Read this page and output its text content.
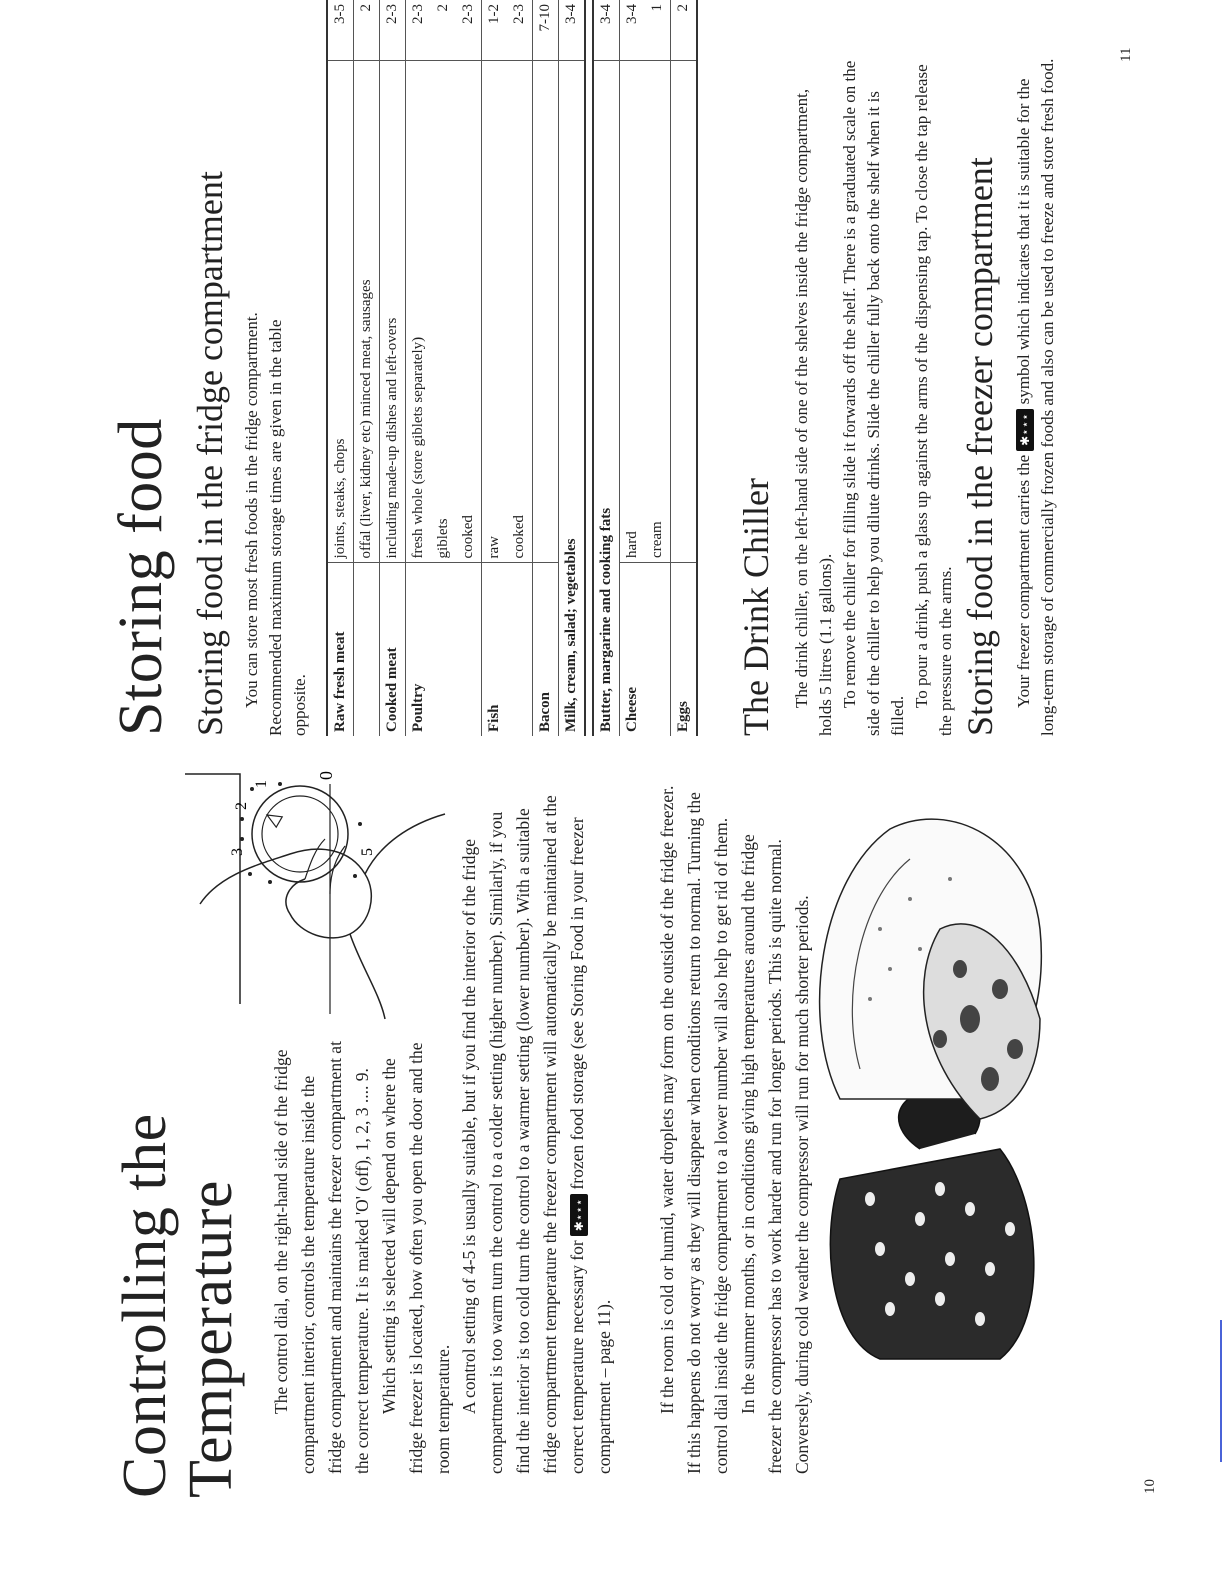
Controlling the
Temperature The control dial, on the right-hand side of the fridge compartment interior, controls the temperature inside the fridge compartment and maintains the freezer compartment at the correct temperature. It is marked 'O' (off), 1, 2, 3 .... 9. Which setting is selected will depend on where the fridge freezer is located, how often you open the door and the room temperature. A control setting of 4-5 is usually suitable, but if you find the interior of the fridge compartment is too warm turn the control to a colder setting (higher number). Similarly, if you find the interior is too cold turn the control to a warmer setting (lower number). With a suitable fridge compartment temperature the freezer compartment will automatically be maintained at the correct temperature necessary for ✱⋆⋆⋆ frozen food storage (see Storing Food in your freezer compartment – page 11). If the room is cold or humid, water droplets may form on the outside of the fridge freezer. If this happens do not worry as they will disappear when conditions return to normal. Turning the control dial inside the fridge compartment to a lower number will also help to get rid of them. In the summer months, or in conditions giving high temperatures around the fridge freezer the compressor has to work harder and run for longer periods. This is quite normal. Conversely, during cold weather the compressor will run for much shorter periods.

0
1
2
3	5
10
Storing food Storing food in the fridge compartment You can store most fresh foods in the fridge compartment. Recommended maximum storage times are given in the table opposite. Raw fresh meat	joints, steaks, chops	3-5
	offal (liver, kidney etc) minced meat, sausages	2
Cooked meat	including made-up dishes and left-overs	2-3
Poultry	fresh whole (store giblets separately)	2-3
	giblets	2
	cooked	2-3
Fish	raw	1-2
	cooked	2-3
Bacon		7-10
Milk, cream, salad; vegetables		3-4
Butter, margarine and cooking fats		3-4
Cheese	hard	3-4
	cream	1
Eggs		2
The Drink Chiller The drink chiller, on the left-hand side of one of the shelves inside the fridge compartment, holds 5 litres (1.1 gallons). To remove the chiller for filling slide it forwards off the shelf. There is a graduated scale on the side of the chiller to help you dilute drinks. Slide the chiller fully back onto the shelf when it is filled.

To pour a drink, push a glass up against the arms of the dispensing tap. To close the tap release the pressure on the arms. Storing food in the freezer compartment Your freezer compartment carries the ✱⋆⋆⋆ symbol which indicates that it is suitable for the long-term storage of commercially frozen foods and also can be used to freeze and store fresh food.

11
